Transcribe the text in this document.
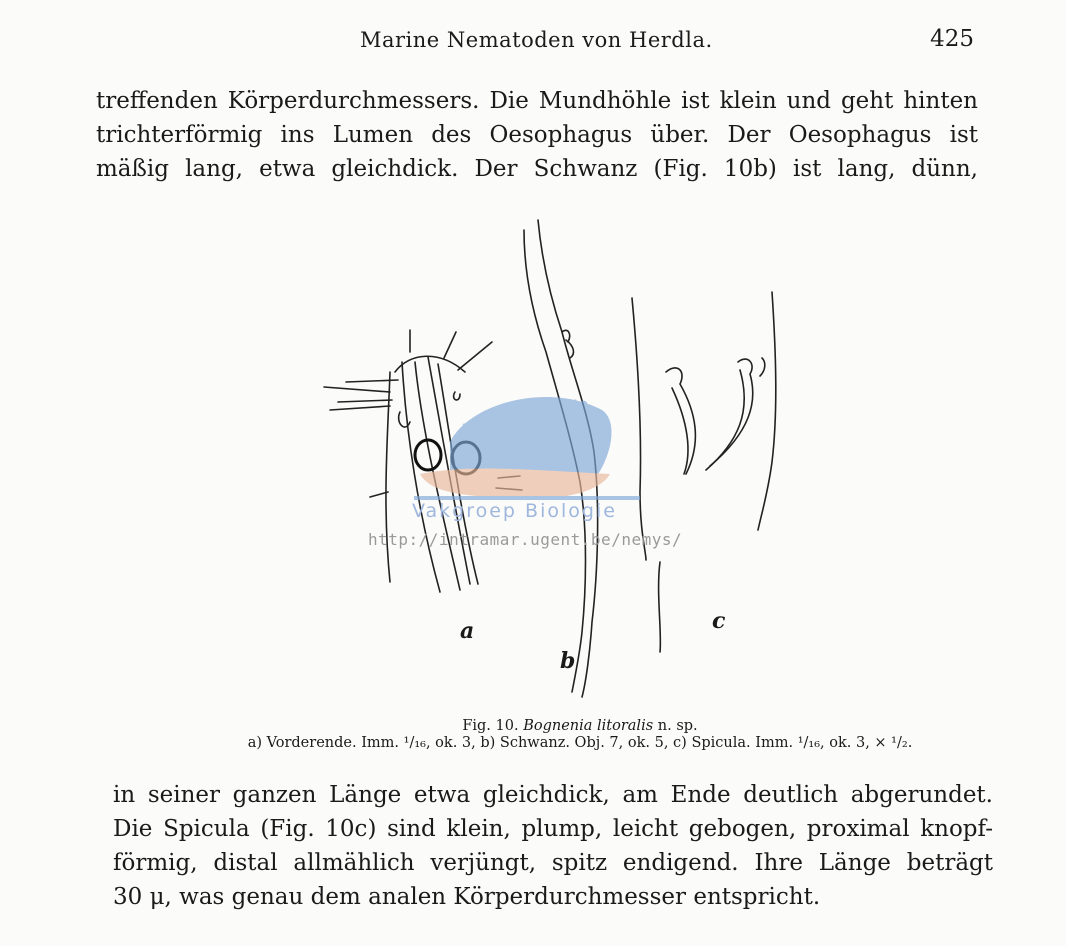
Marine Nematoden von Herdla.	425
treffenden Körperdurchmessers. Die Mundhöhle ist klein und geht hinten
trichterförmig ins Lumen des Oesophagus über. Der Oesophagus ist
mäßig lang, etwa gleichdick. Der Schwanz (Fig. 10b) ist lang, dünn,
Marene Biologie
a
b
c
Vakgroep Biologie
http://intramar.ugent.be/nemys/
Fig. 10. Bognenia litoralis n. sp.
a) Vorderende. Imm. ¹/₁₆, ok. 3, b) Schwanz. Obj. 7, ok. 5, c) Spicula. Imm. ¹/₁₆, ok. 3, × ¹/₂.
in seiner ganzen Länge etwa gleichdick, am Ende deutlich abgerundet.
Die Spicula (Fig. 10c) sind klein, plump, leicht gebogen, proximal knopf-
förmig, distal allmählich verjüngt, spitz endigend. Ihre Länge beträgt
30 μ, was genau dem analen Körperdurchmesser entspricht.
